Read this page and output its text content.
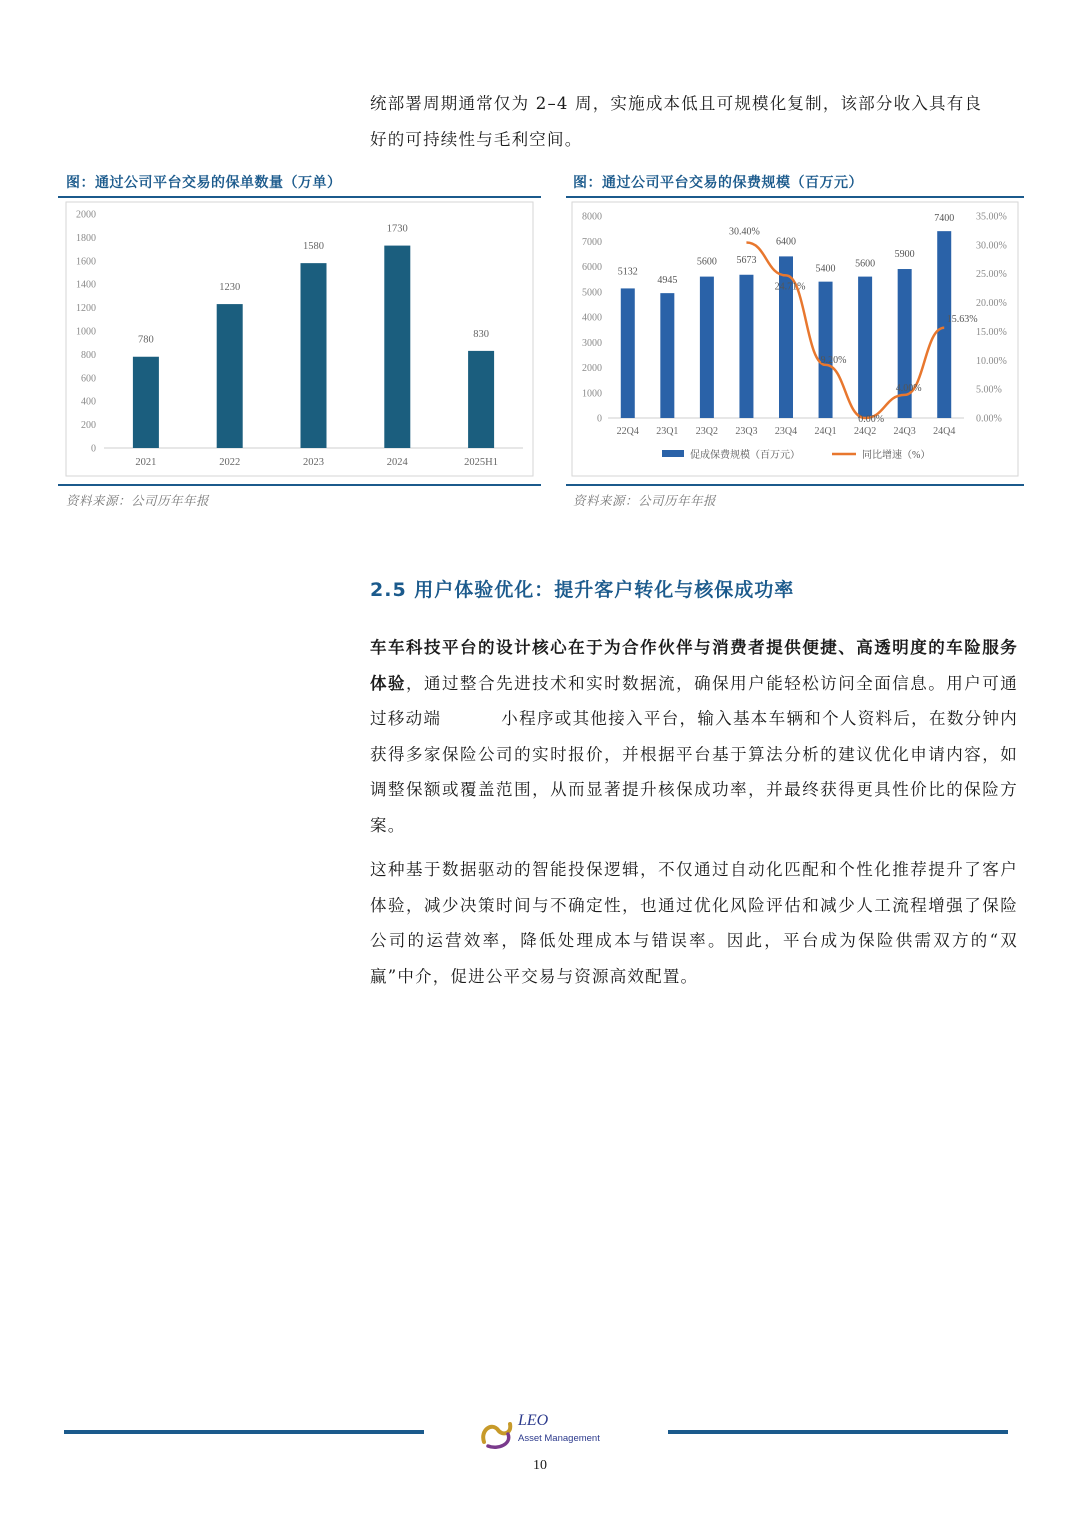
统部署周期通常仅为 2–4 周，实施成本低且可规模化复制，该部分收入具有良
好的可持续性与毛利空间。

图：通过公司平台交易的保单数量（万单）
0
200
400
600
800
1000
1200
1400
1600
1800
2000
780
2021
1230
2022
1580
2023
1730
2024
830
2025H1
资料来源：公司历年年报
图：通过公司平台交易的保费规模（百万元）
0
1000
2000
3000
4000
5000
6000
7000
8000
0.00%
5.00%
10.00%
15.00%
20.00%
25.00%
30.00%
35.00%
22Q4 23Q1 23Q2 23Q3 23Q4 24Q1 24Q2 24Q3 24Q4
5132
4945
5600 5673
6400
5400 5600
5900
7400
30.40%
24.71%
9.20%
0.00%
4.00%
15.63%
促成保费规模（百万元）	同比增速（%）
资料来源：公司历年年报
2.5 用户体验优化：提升客户转化与核保成功率

车车科技平台的设计核心在于为合作伙伴与消费者提供便捷、高透明度的车险服务体验，通过整合先进技术和实时数据流，确保用户能轻松访问全面信息。用户可通过移动端 　　　小程序或其他接入平台，输入基本车辆和个人资料后，在数分钟内获得多家保险公司的实时报价，并根据平台基于算法分析的建议优化申请内容，如调整保额或覆盖范围，从而显著提升核保成功率，并最终获得更具性价比的保险方案。

这种基于数据驱动的智能投保逻辑，不仅通过自动化匹配和个性化推荐提升了客户体验，减少决策时间与不确定性，也通过优化风险评估和减少人工流程增强了保险公司的运营效率，降低处理成本与错误率。因此，平台成为保险供需双方的“双赢”中介，促进公平交易与资源高效配置。

LEO
Asset Management
10
